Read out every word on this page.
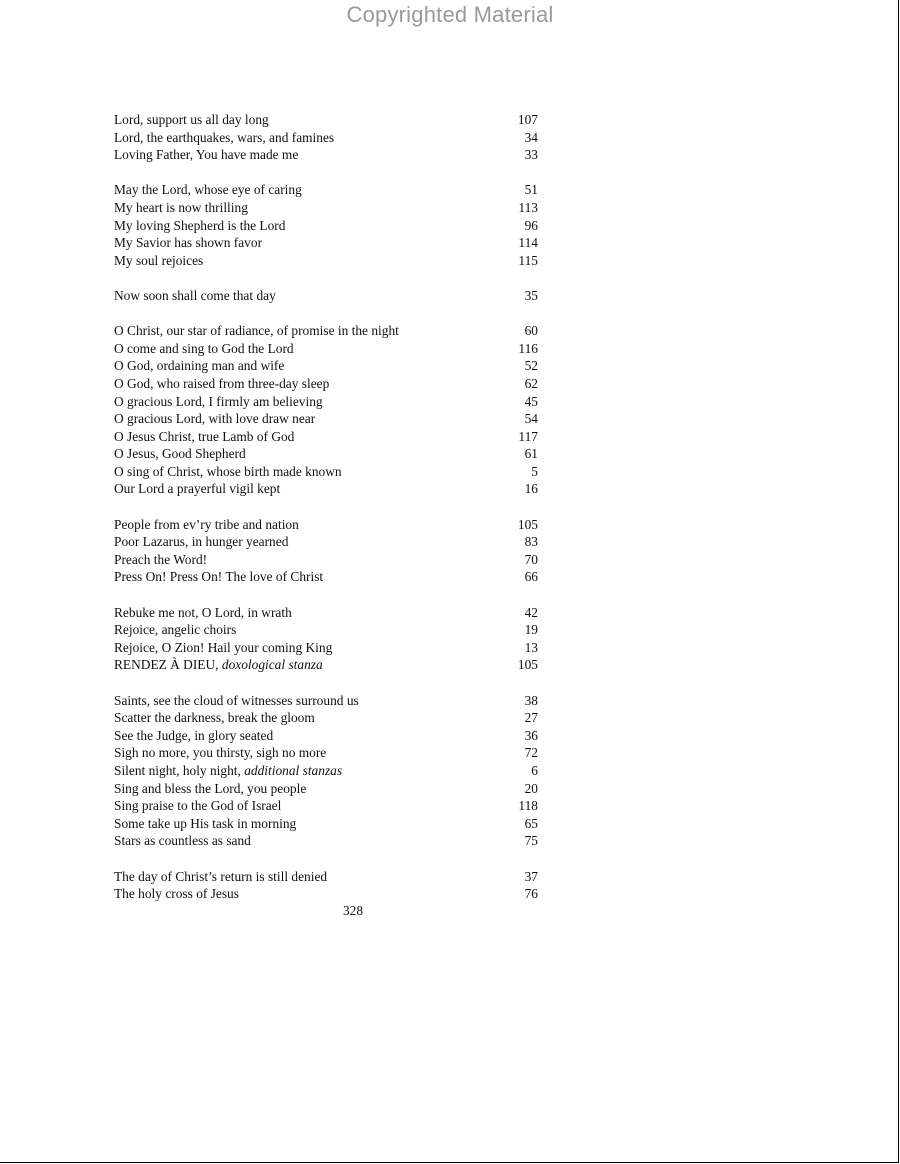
Copyrighted Material
Lord, support us all day long	107
Lord, the earthquakes, wars, and famines	34
Loving Father, You have made me	33
May the Lord, whose eye of caring	51
My heart is now thrilling	113
My loving Shepherd is the Lord	96
My Savior has shown favor	114
My soul rejoices	115
Now soon shall come that day	35
O Christ, our star of radiance, of promise in the night	60
O come and sing to God the Lord	116
O God, ordaining man and wife	52
O God, who raised from three-day sleep	62
O gracious Lord, I firmly am believing	45
O gracious Lord, with love draw near	54
O Jesus Christ, true Lamb of God	117
O Jesus, Good Shepherd	61
O sing of Christ, whose birth made known	5
Our Lord a prayerful vigil kept	16
People from ev’ry tribe and nation	105
Poor Lazarus, in hunger yearned	83
Preach the Word!	70
Press On! Press On! The love of Christ	66
Rebuke me not, O Lord, in wrath	42
Rejoice, angelic choirs	19
Rejoice, O Zion! Hail your coming King	13
RENDEZ À DIEU, doxological stanza	105
Saints, see the cloud of witnesses surround us	38
Scatter the darkness, break the gloom	27
See the Judge, in glory seated	36
Sigh no more, you thirsty, sigh no more	72
Silent night, holy night, additional stanzas	6
Sing and bless the Lord, you people	20
Sing praise to the God of Israel	118
Some take up His task in morning	65
Stars as countless as sand	75
The day of Christ’s return is still denied	37
The holy cross of Jesus	76
328
